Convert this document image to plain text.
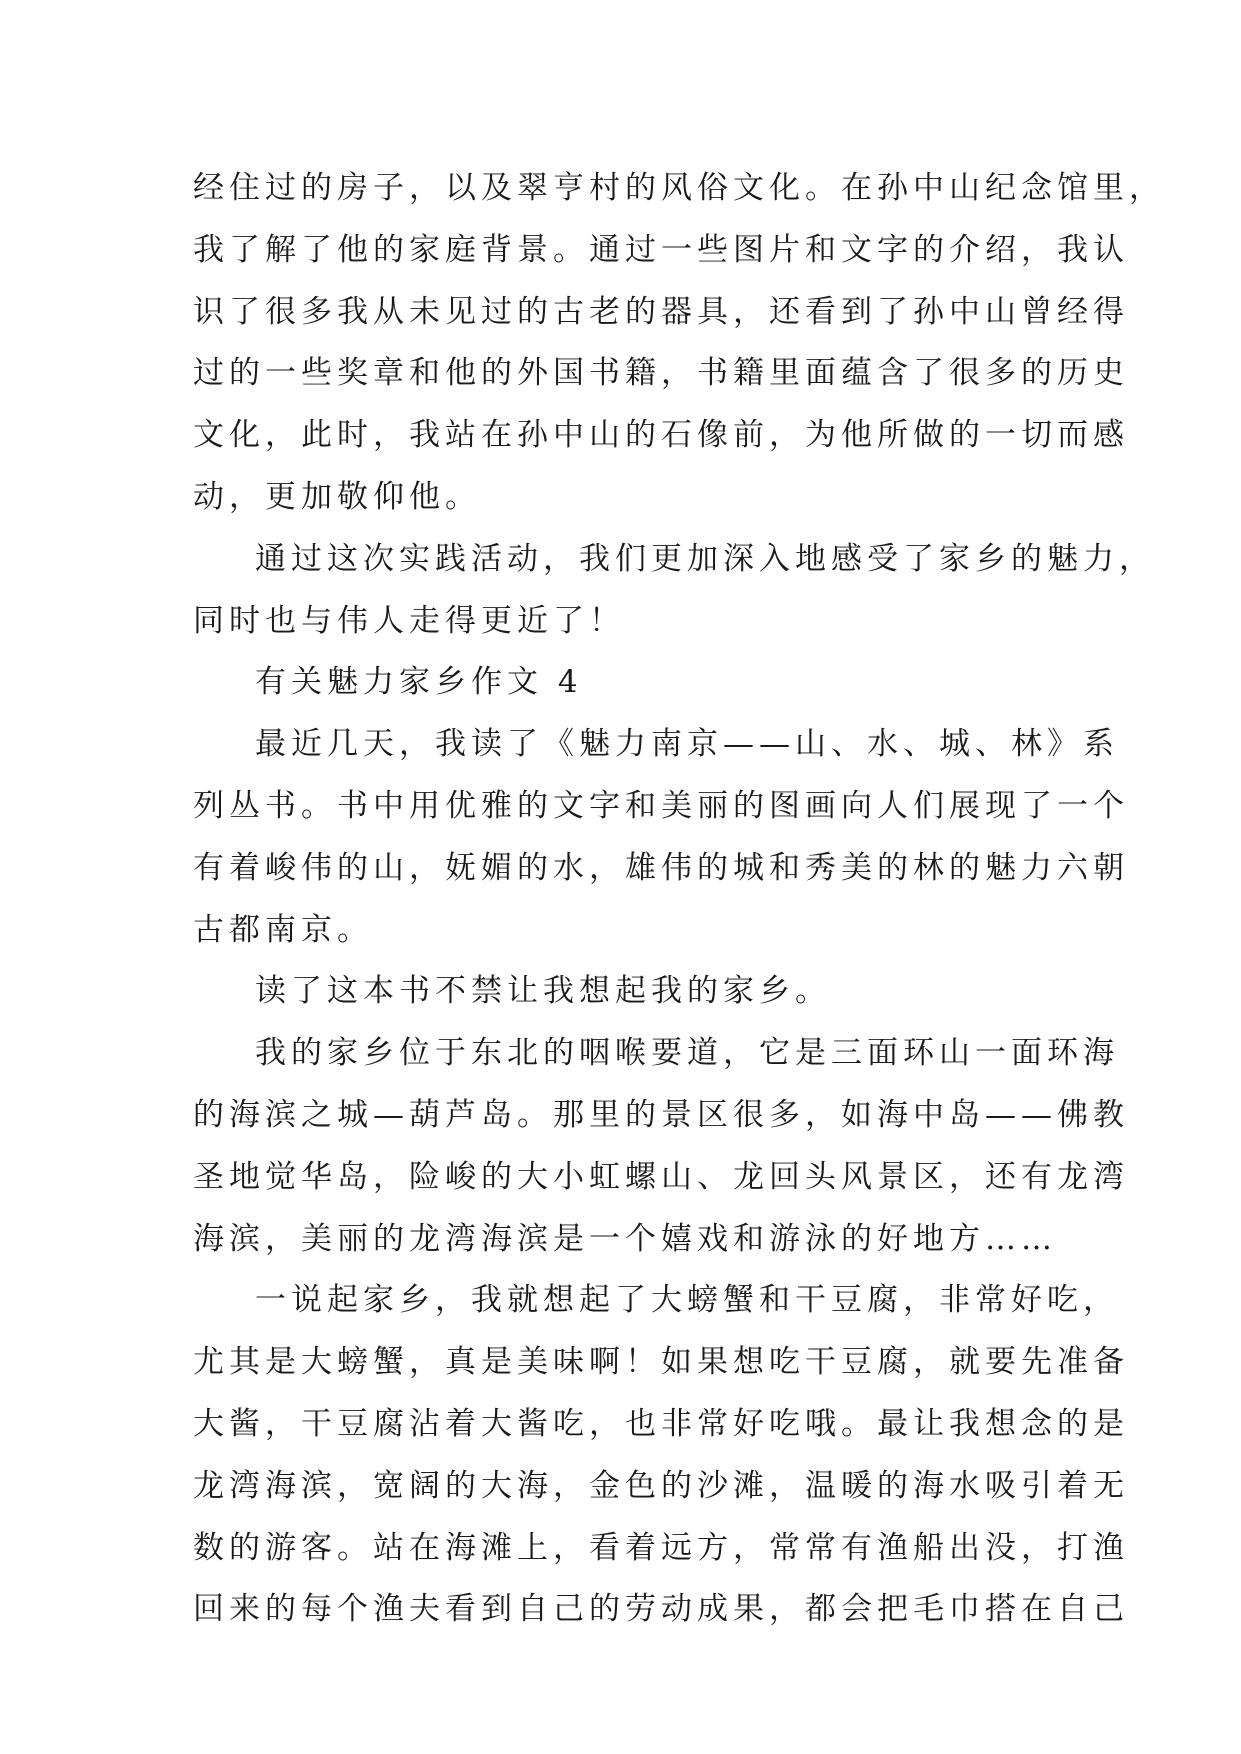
经住过的房子，以及翠亨村的风俗文化。在孙中山纪念馆里，
我了解了他的家庭背景。通过一些图片和文字的介绍，我认
识了很多我从未见过的古老的器具，还看到了孙中山曾经得
过的一些奖章和他的外国书籍，书籍里面蕴含了很多的历史
文化，此时，我站在孙中山的石像前，为他所做的一切而感
动，更加敬仰他。
通过这次实践活动，我们更加深入地感受了家乡的魅力，
同时也与伟人走得更近了！
有关魅力家乡作文 4
最近几天，我读了《魅力南京——山、水、城、林》系
列丛书。书中用优雅的文字和美丽的图画向人们展现了一个
有着峻伟的山，妩媚的水，雄伟的城和秀美的林的魅力六朝
古都南京。
读了这本书不禁让我想起我的家乡。
我的家乡位于东北的咽喉要道，它是三面环山一面环海
的海滨之城—葫芦岛。那里的景区很多，如海中岛——佛教
圣地觉华岛，险峻的大小虹螺山、龙回头风景区，还有龙湾
海滨，美丽的龙湾海滨是一个嬉戏和游泳的好地方……
一说起家乡，我就想起了大螃蟹和干豆腐，非常好吃，
尤其是大螃蟹，真是美味啊！如果想吃干豆腐，就要先准备
大酱，干豆腐沾着大酱吃，也非常好吃哦。最让我想念的是
龙湾海滨，宽阔的大海，金色的沙滩，温暖的海水吸引着无
数的游客。站在海滩上，看着远方，常常有渔船出没，打渔
回来的每个渔夫看到自己的劳动成果，都会把毛巾搭在自己
